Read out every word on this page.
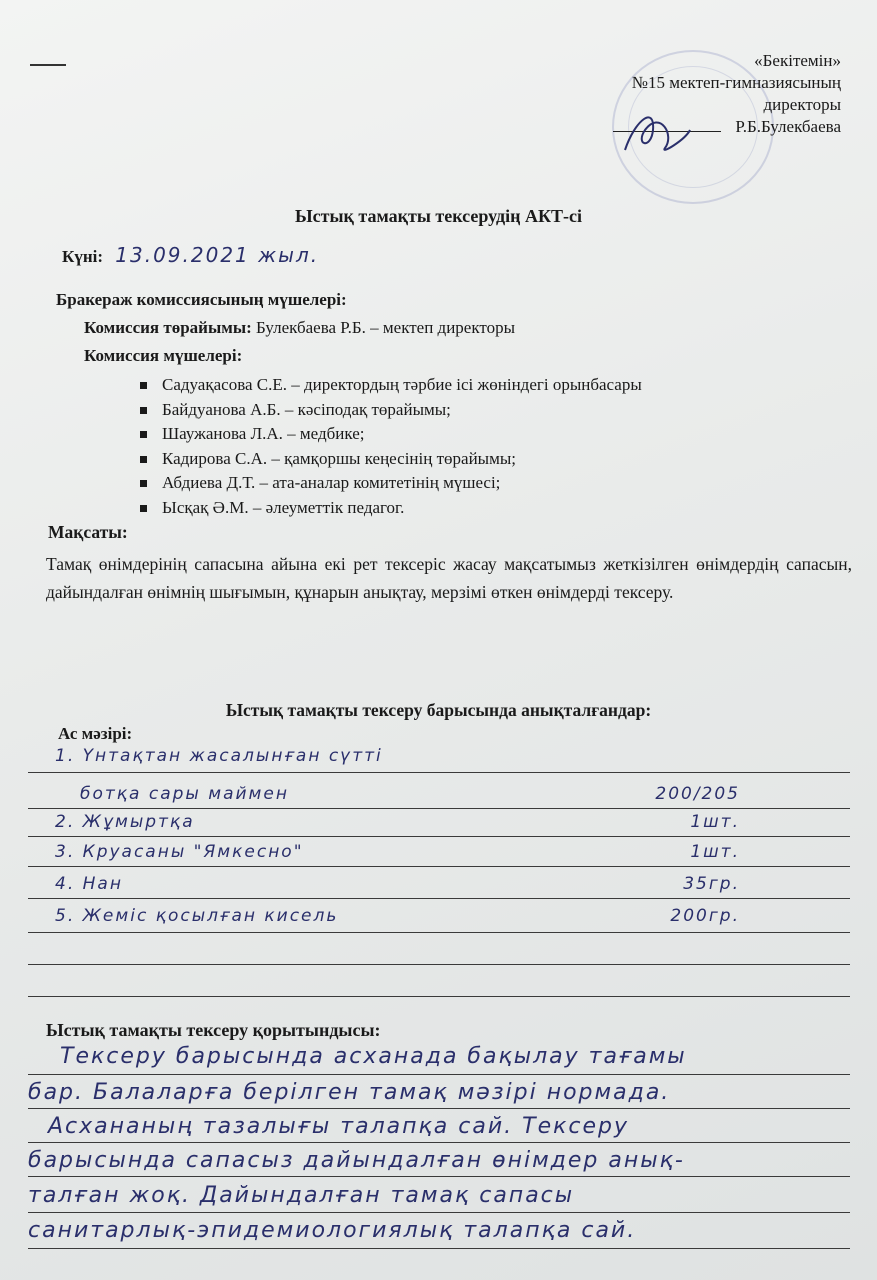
«Бекітемін»
№15 мектеп-гимназиясының
директоры
Р.Б.Булекбаева
Ыстық тамақты тексерудің АКТ-сі
Күні: 13.09.2021 жыл.
Бракераж комиссиясының мүшелері:
Комиссия төрайымы: Булекбаева Р.Б. – мектеп директоры
Комиссия мүшелері:
Садуақасова С.Е. – директордың тәрбие ісі жөніндегі орынбасары
Байдуанова А.Б. – кәсіподақ төрайымы;
Шаужанова Л.А. – медбике;
Кадирова С.А. – қамқоршы кеңесінің төрайымы;
Абдиева Д.Т. – ата-аналар комитетінің мүшесі;
Ысқақ Ә.М. – әлеуметтік педагог.
Мақсаты:
Тамақ өнімдерінің сапасына айына екі рет тексеріс жасау мақсатымыз жеткізілген өнімдердің сапасын, дайындалған өнімнің шығымын, құнарын анықтау, мерзімі өткен өнімдерді тексеру.
Ыстық тамақты тексеру барысында анықталғандар:
Ас мәзірі:
1. Үнтақтан жасалынған сүтті
ботқа сары маймен	200/205
2. Жұмыртқа	1шт.
3. Круасаны "Ямкесно"	1шт.
4. Нан	35гр.
5. Жеміс қосылған кисель	200гр.
Ыстық тамақты тексеру қорытындысы:
Тексеру барысында асханада бақылау тағамы
бар. Балаларға берілген тамақ мәзірі нормада.
Асхананың тазалығы талапқа сай. Тексеру
барысында сапасыз дайындалған өнімдер анық-
талған жоқ. Дайындалған тамақ сапасы
санитарлық-эпидемиологиялық талапқа сай.
